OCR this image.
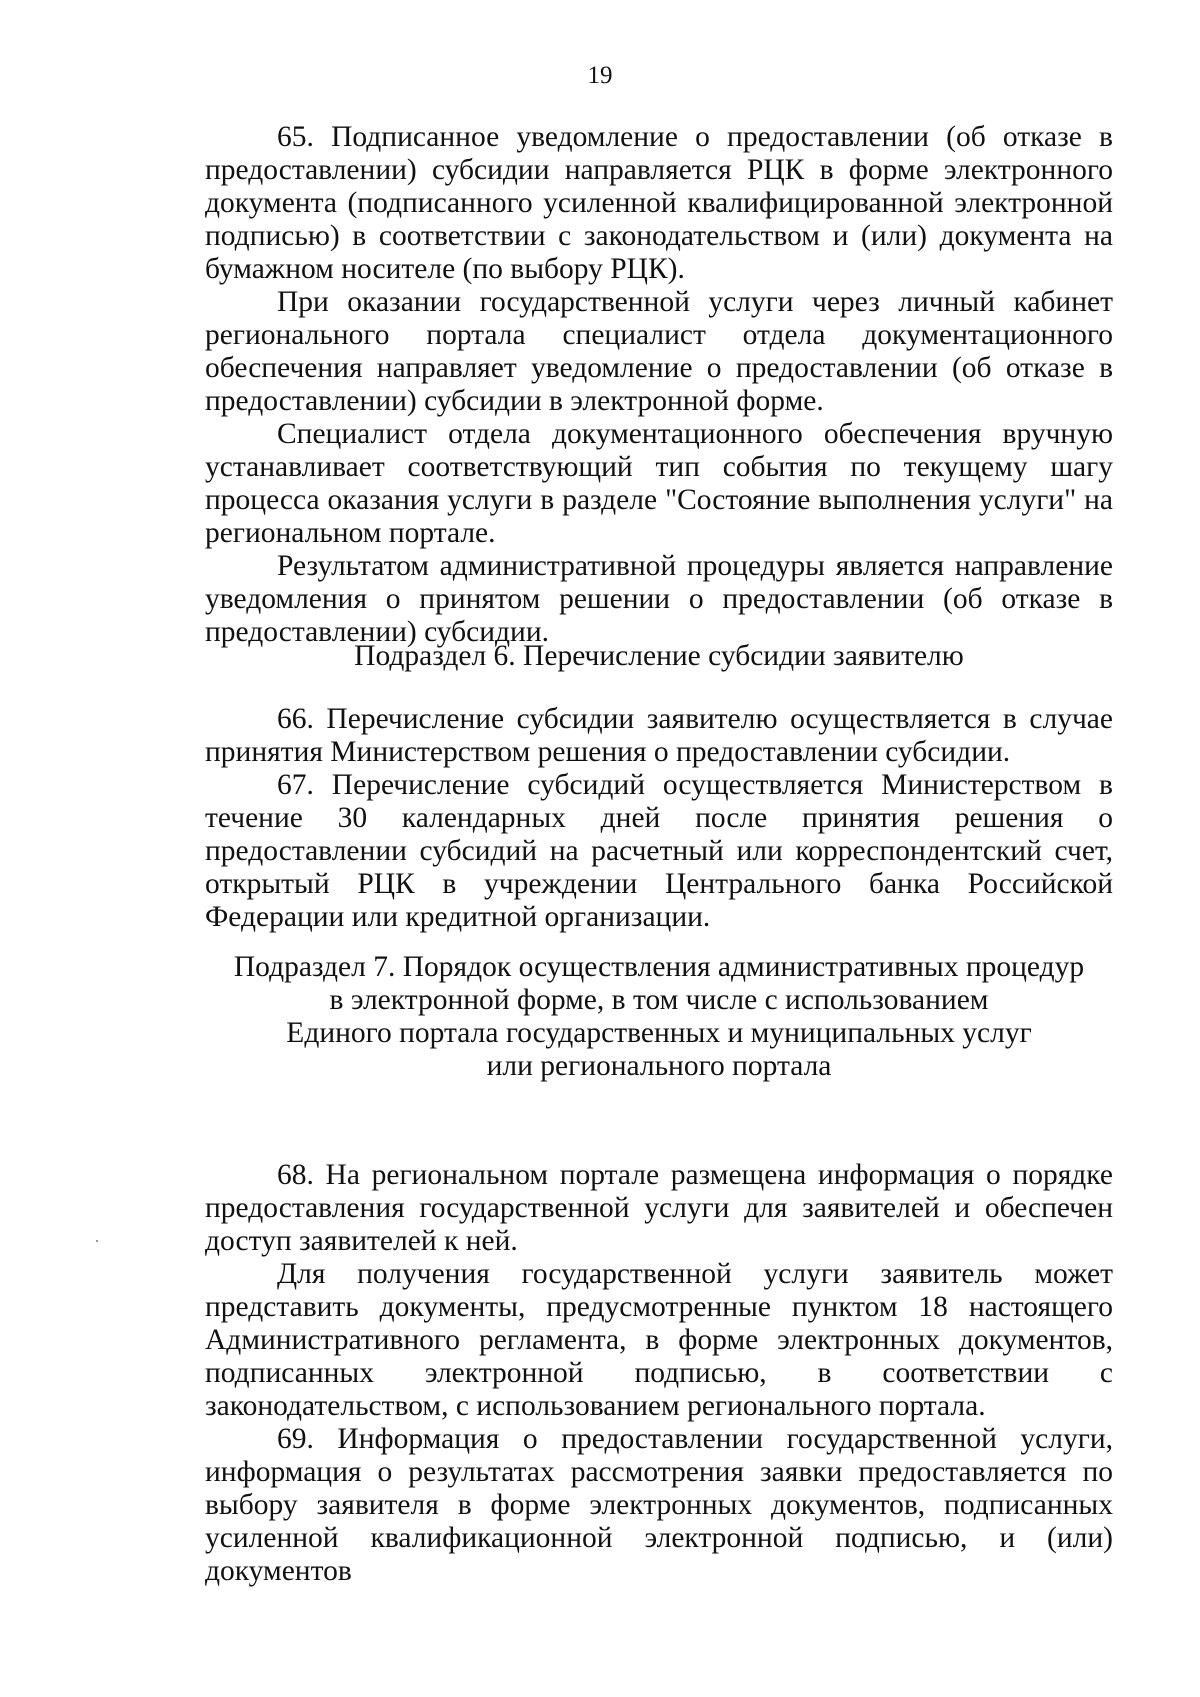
19

65. Подписанное уведомление о предоставлении (об отказе в предоставлении) субсидии направляется РЦК в форме электронного документа (подписанного усиленной квалифицированной электронной подписью) в соответствии с законодательством и (или) документа на бумажном носителе (по выбору РЦК).

При оказании государственной услуги через личный кабинет регионального портала специалист отдела документационного обеспечения направляет уведомление о предоставлении (об отказе в предоставлении) субсидии в электронной форме.

Специалист отдела документационного обеспечения вручную устанавливает соответствующий тип события по текущему шагу процесса оказания услуги в разделе "Состояние выполнения услуги" на региональном портале.

Результатом административной процедуры является направление уведомления о принятом решении о предоставлении (об отказе в предоставлении) субсидии.

Подраздел 6. Перечисление субсидии заявителю

66. Перечисление субсидии заявителю осуществляется в случае принятия Министерством решения о предоставлении субсидии.

67. Перечисление субсидий осуществляется Министерством в течение 30 календарных дней после принятия решения о предоставлении субсидий на расчетный или корреспондентский счет, открытый РЦК в учреждении Центрального банка Российской Федерации или кредитной организации.

Подраздел 7. Порядок осуществления административных процедур
в электронной форме, в том числе с использованием
Единого портала государственных и муниципальных услуг
или регионального портала

68. На региональном портале размещена информация о порядке предоставления государственной услуги для заявителей и обеспечен доступ заявителей к ней.

Для получения государственной услуги заявитель может представить документы, предусмотренные пунктом 18 настоящего Административного регламента, в форме электронных документов, подписанных электронной подписью, в соответствии с законодательством, с использованием регионального портала.

69. Информация о предоставлении государственной услуги, информация о результатах рассмотрения заявки предоставляется по выбору заявителя в форме электронных документов, подписанных усиленной квалификационной электронной подписью, и (или) документов
